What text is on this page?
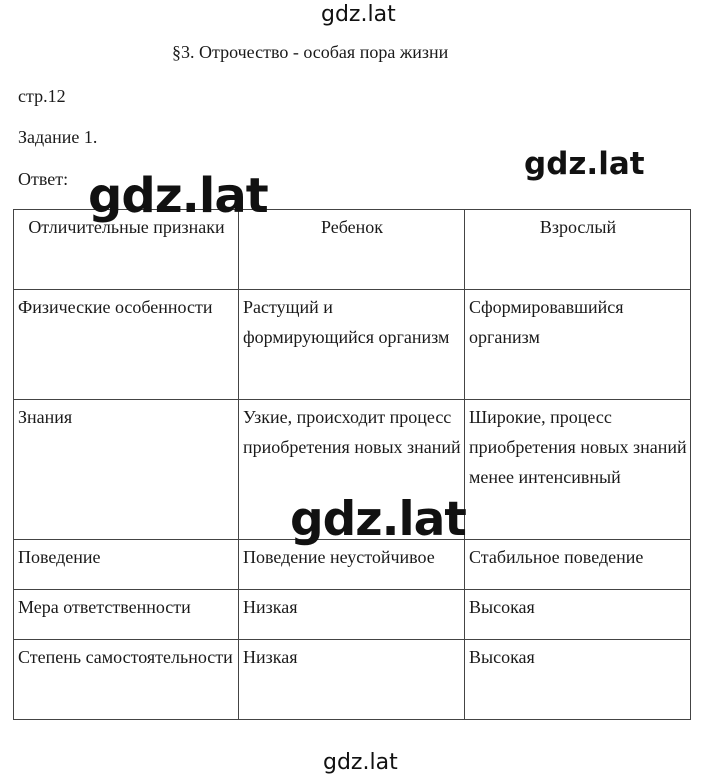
gdz.lat
§3. Отрочество - особая пора жизни
стр.12
Задание 1.
Ответ:
Отличительные признаки	Ребенок	Взрослый
Физические особенности	Растущий и формирующийся организм	Сформировавшийся организм
Знания	Узкие, происходит процесс приобретения новых знаний	Широкие, процесс приобретения новых знаний менее интенсивный
Поведение	Поведение неустойчивое	Стабильное поведение
Мера ответственности	Низкая	Высокая
Степень самостоятельности	Низкая	Высокая
gdz.lat
gdz.lat
gdz.lat
gdz.lat
